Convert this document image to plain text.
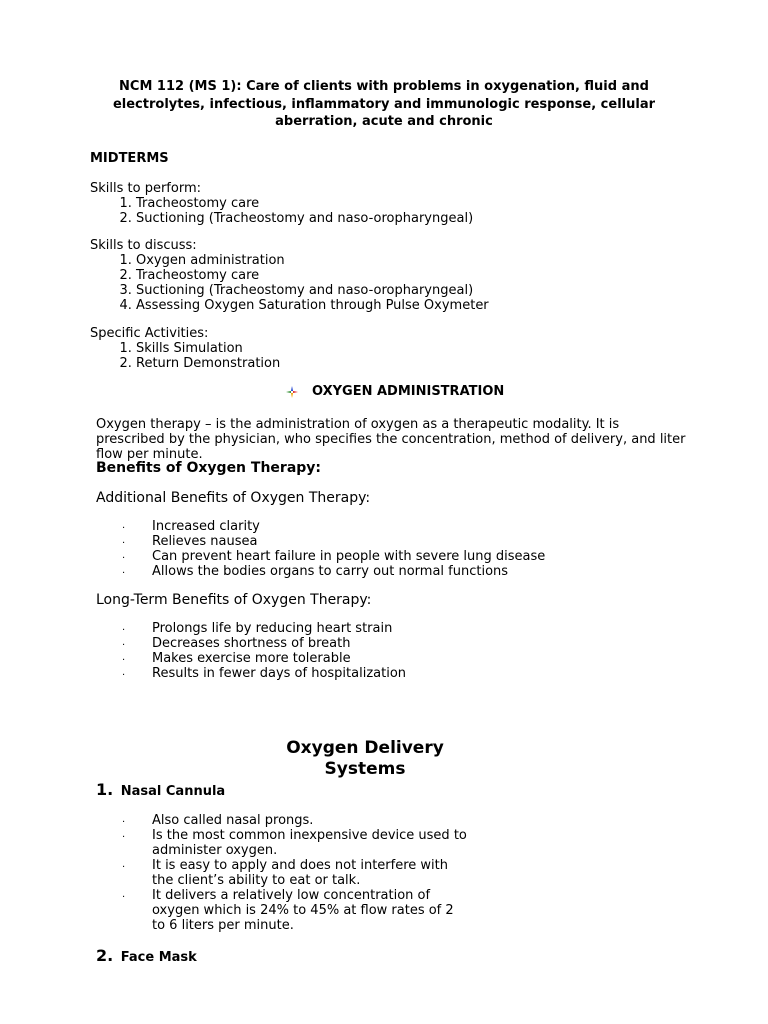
NCM 112 (MS 1): Care of clients with problems in oxygenation, fluid and
electrolytes, infectious, inflammatory and immunologic response, cellular
aberration, acute and chronic
MIDTERMS

Skills to perform:

1. Tracheostomy care
2. Suctioning (Tracheostomy and naso-oropharyngeal)

Skills to discuss:

1. Oxygen administration
2. Tracheostomy care
3. Suctioning (Tracheostomy and naso-oropharyngeal)
4. Assessing Oxygen Saturation through Pulse Oxymeter

Specific Activities:

1. Skills Simulation
2. Return Demonstration
OXYGEN ADMINISTRATION
Oxygen therapy – is the administration of oxygen as a therapeutic modality. It is prescribed by the physician, who specifies the concentration, method of delivery, and liter flow per minute.
Benefits of Oxygen Therapy:
Additional Benefits of Oxygen Therapy:
· Increased clarity
· Relieves nausea
· Can prevent heart failure in people with severe lung disease
· Allows the bodies organs to carry out normal functions
Long-Term Benefits of Oxygen Therapy:
· Prolongs life by reducing heart strain
· Decreases shortness of breath
· Makes exercise more tolerable
· Results in fewer days of hospitalization
Oxygen Delivery
Systems
1. Nasal Cannula
· Also called nasal prongs.
· Is the most common inexpensive device used to administer oxygen.
· It is easy to apply and does not interfere with the client’s ability to eat or talk.
· It delivers a relatively low concentration of oxygen which is 24% to 45% at flow rates of 2 to 6 liters per minute.
2. Face Mask
